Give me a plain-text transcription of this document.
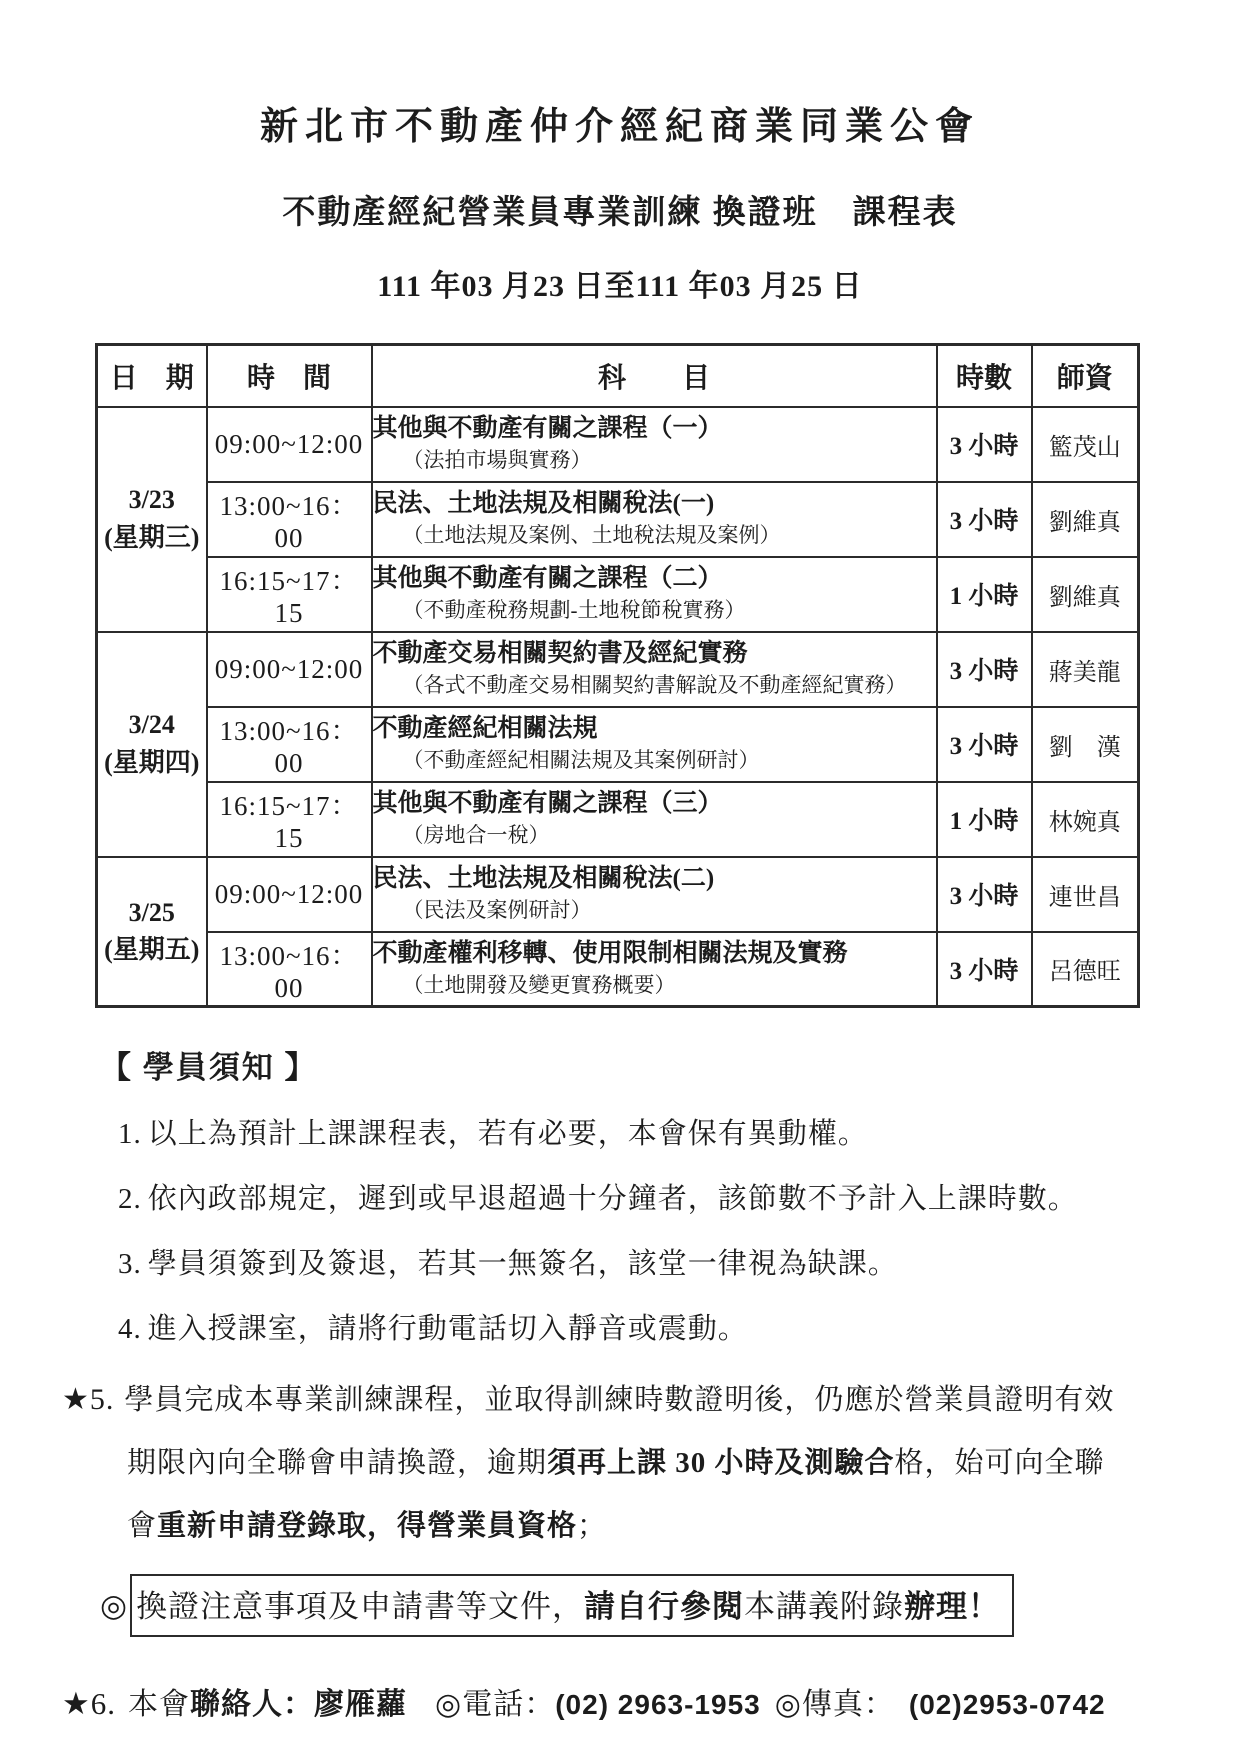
新北市不動產仲介經紀商業同業公會
不動產經紀營業員專業訓練 換證班　課程表
111 年03 月23 日至111 年03 月25 日
日　期	時　間	科　　目	時數	師資

3/23
(星期三)
	09:00~12:00	其他與不動產有關之課程（一）
（法拍市場與實務）
	3 小時	籃茂山
	13:00~16：00	民法、土地法規及相關稅法(一)
（土地法規及案例、土地稅法規及案例）	3 小時	劉維真
	16:15~17：15	其他與不動產有關之課程（二）
（不動產稅務規劃-土地稅節稅實務）	1 小時	劉維真

3/24
(星期四)
	09:00~12:00	不動產交易相關契約書及經紀實務
（各式不動產交易相關契約書解說及不動產經紀實務）
	3 小時	蔣美龍
	13:00~16：00	不動產經紀相關法規
（不動產經紀相關法規及其案例研討）	3 小時	劉　漢
	16:15~17：15	其他與不動產有關之課程（三）
（房地合一稅）	1 小時	林婉真

3/25
(星期五)
	09:00~12:00	民法、土地法規及相關稅法(二)
（民法及案例研討）
	3 小時	連世昌
	13:00~16：00	不動產權利移轉、使用限制相關法規及實務
（土地開發及變更實務概要）	3 小時	呂德旺
【 學員須知 】
1. 以上為預計上課課程表，若有必要，本會保有異動權。
2. 依內政部規定，遲到或早退超過十分鐘者，該節數不予計入上課時數。
3. 學員須簽到及簽退，若其一無簽名，該堂一律視為缺課。
4. 進入授課室，請將行動電話切入靜音或震動。
★5. 學員完成本專業訓練課程，並取得訓練時數證明後，仍應於營業員證明有效
期限內向全聯會申請換證，逾期須再上課 30 小時及測驗合格，始可向全聯
會重新申請登錄取，得營業員資格；
◎ 換證注意事項及申請書等文件，請自行參閱本講義附錄辦理！
★6. 本會聯絡人：廖雁蘿 ◎電話：(02) 2963-1953 ◎傳真： (02)2953-0742
